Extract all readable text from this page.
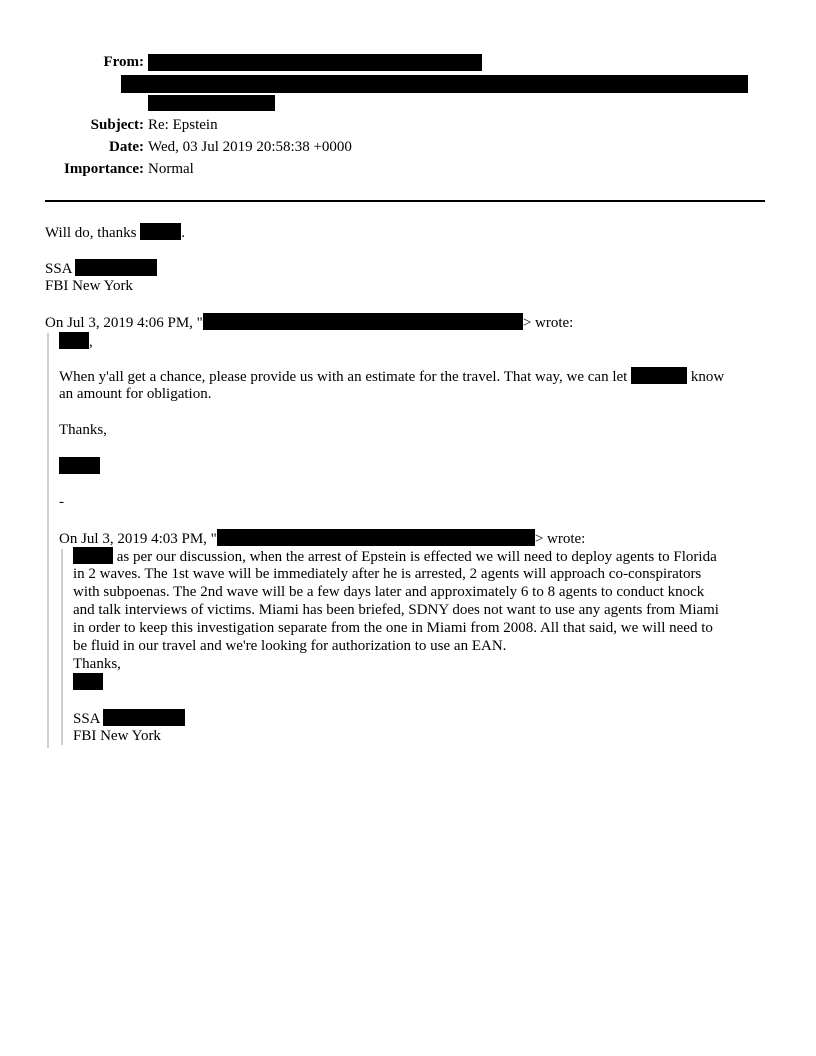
From:
Subject: Re: Epstein
Date: Wed, 03 Jul 2019 20:58:38 +0000
Importance: Normal
Will do, thanks	.
SSA
FBI New York
On Jul 3, 2019 4:06 PM, "	> wrote:
,
When y'all get a chance, please provide us with an estimate for the travel. That way, we can let	know
an amount for obligation.
Thanks,
-
On Jul 3, 2019 4:03 PM, "	> wrote:
as per our discussion, when the arrest of Epstein is effected we will need to deploy agents to Florida
in 2 waves. The 1st wave will be immediately after he is arrested, 2 agents will approach co-conspirators
with subpoenas. The 2nd wave will be a few days later and approximately 6 to 8 agents to conduct knock
and talk interviews of victims. Miami has been briefed, SDNY does not want to use any agents from Miami
in order to keep this investigation separate from the one in Miami from 2008. All that said, we will need to
be fluid in our travel and we're looking for authorization to use an EAN.
Thanks,
SSA
FBI New York
